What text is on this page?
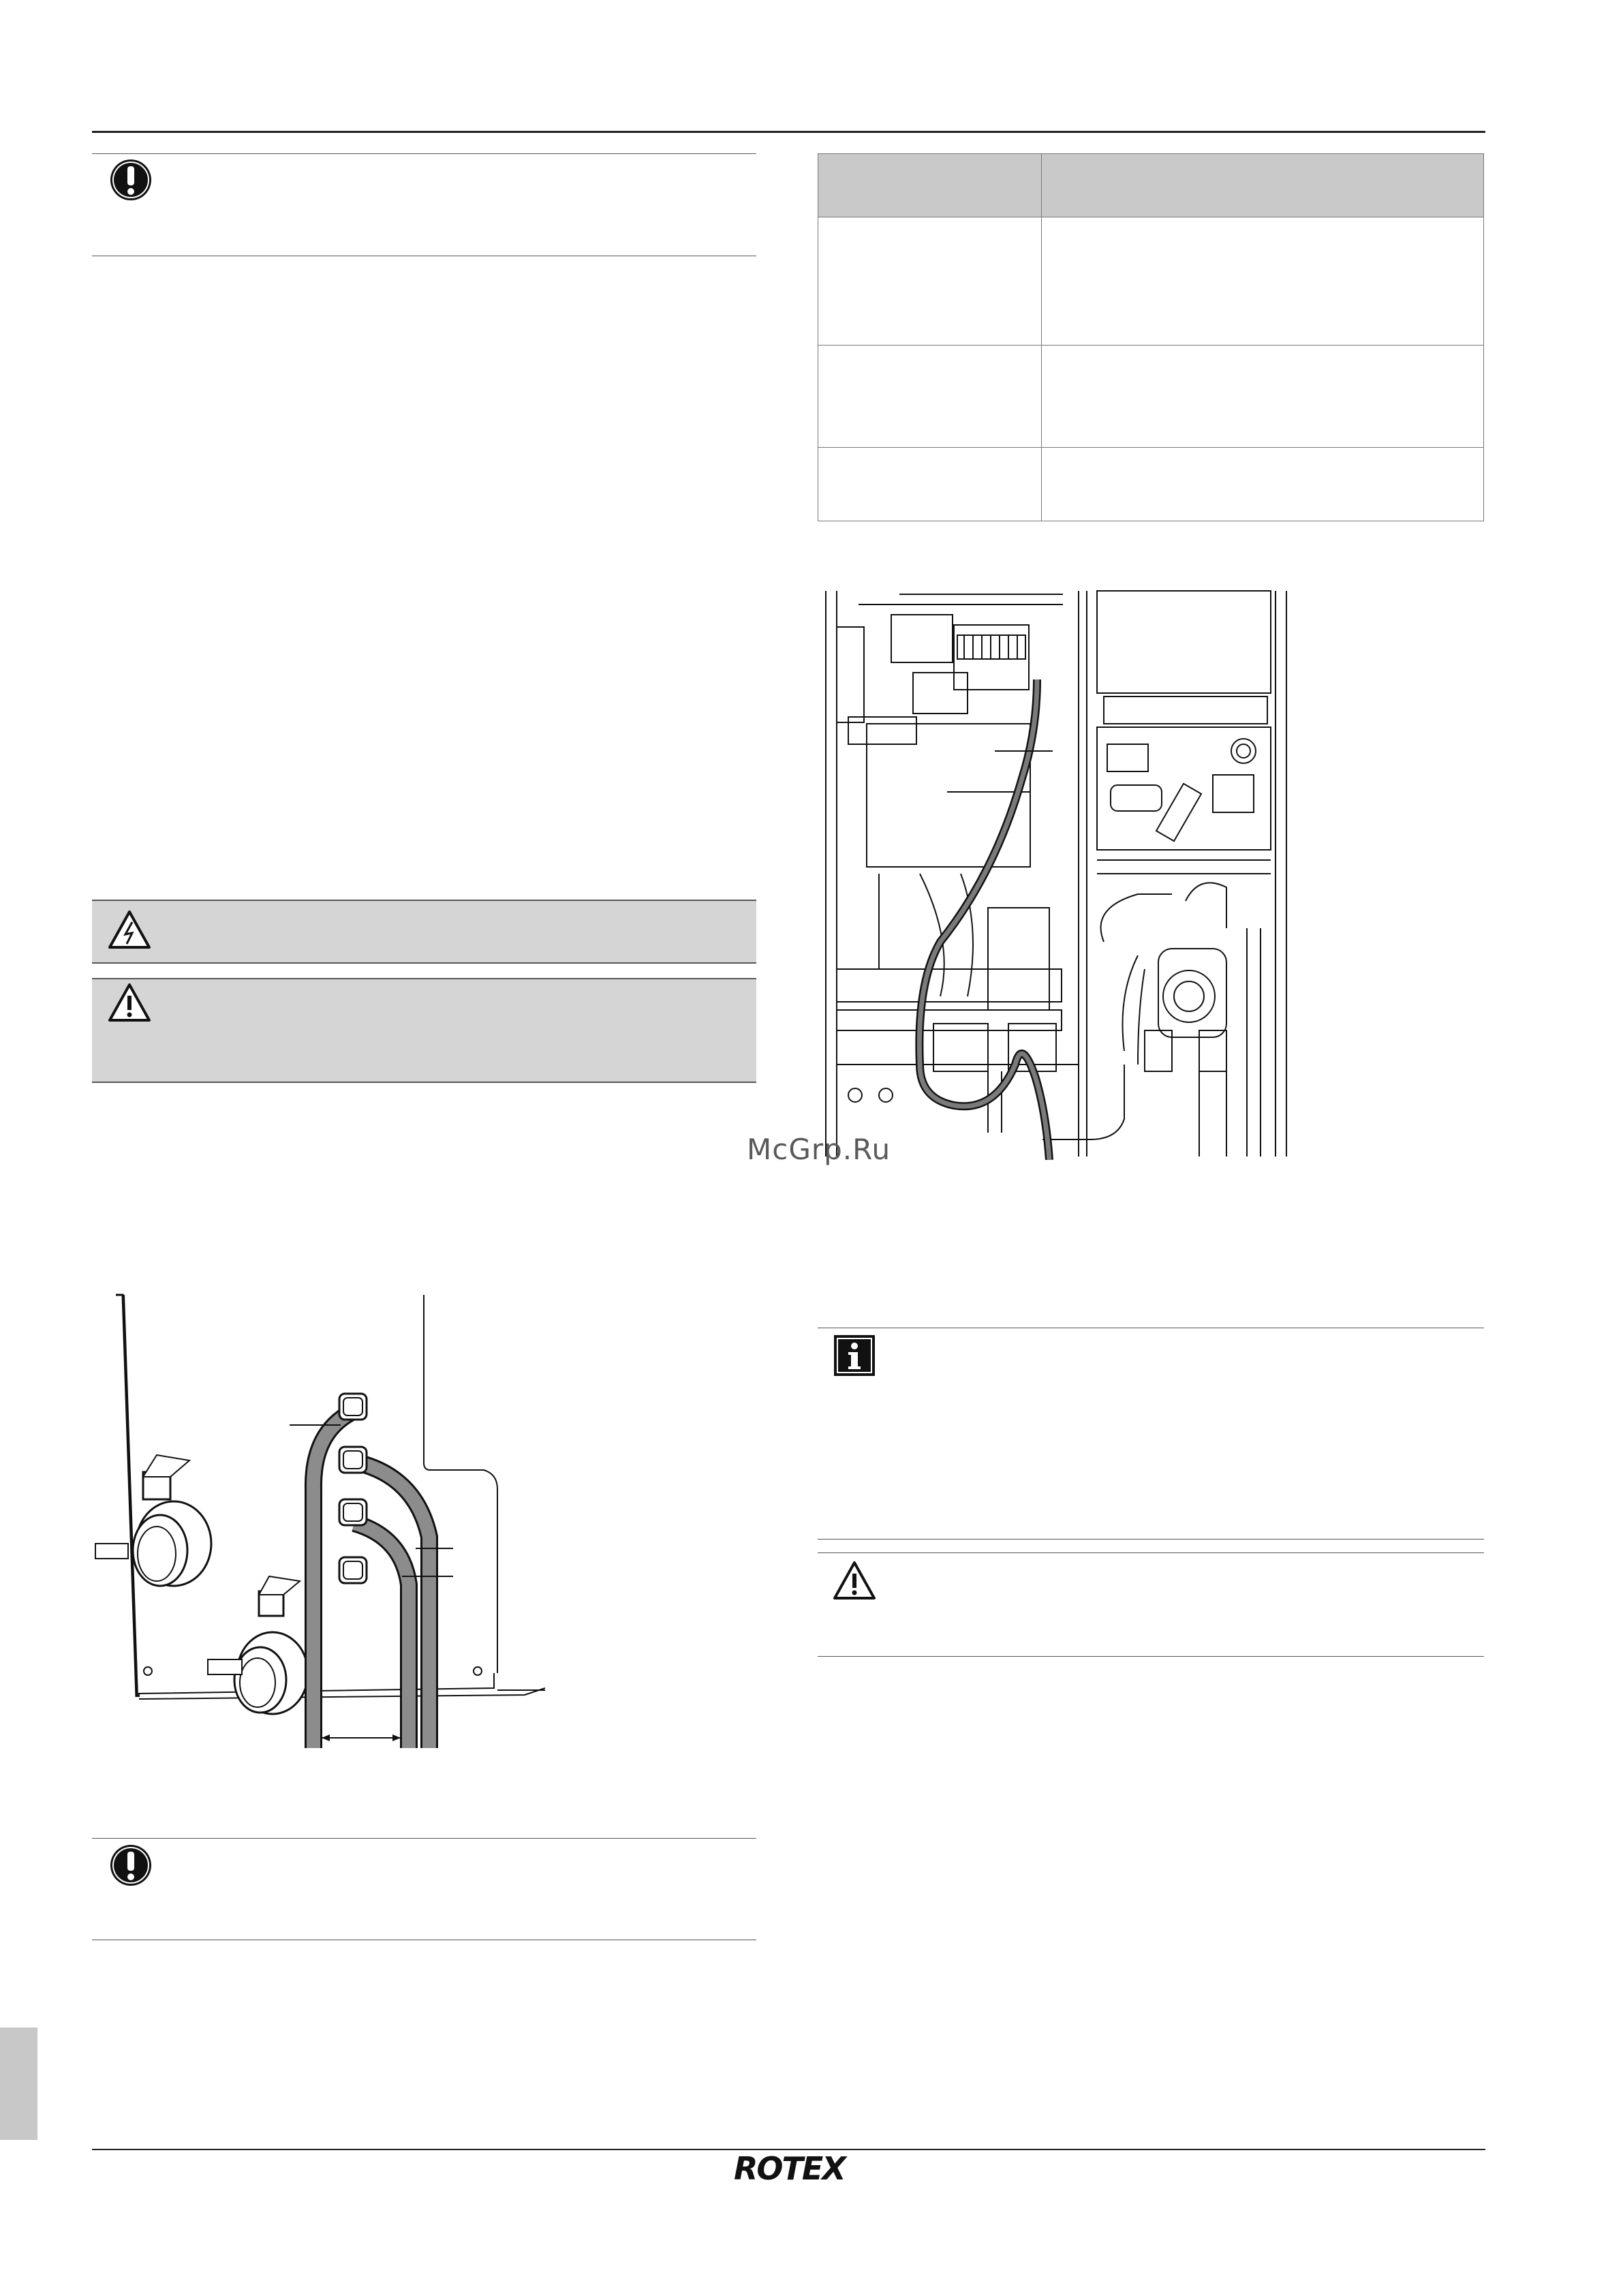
McGrp.Ru
ROTEX
